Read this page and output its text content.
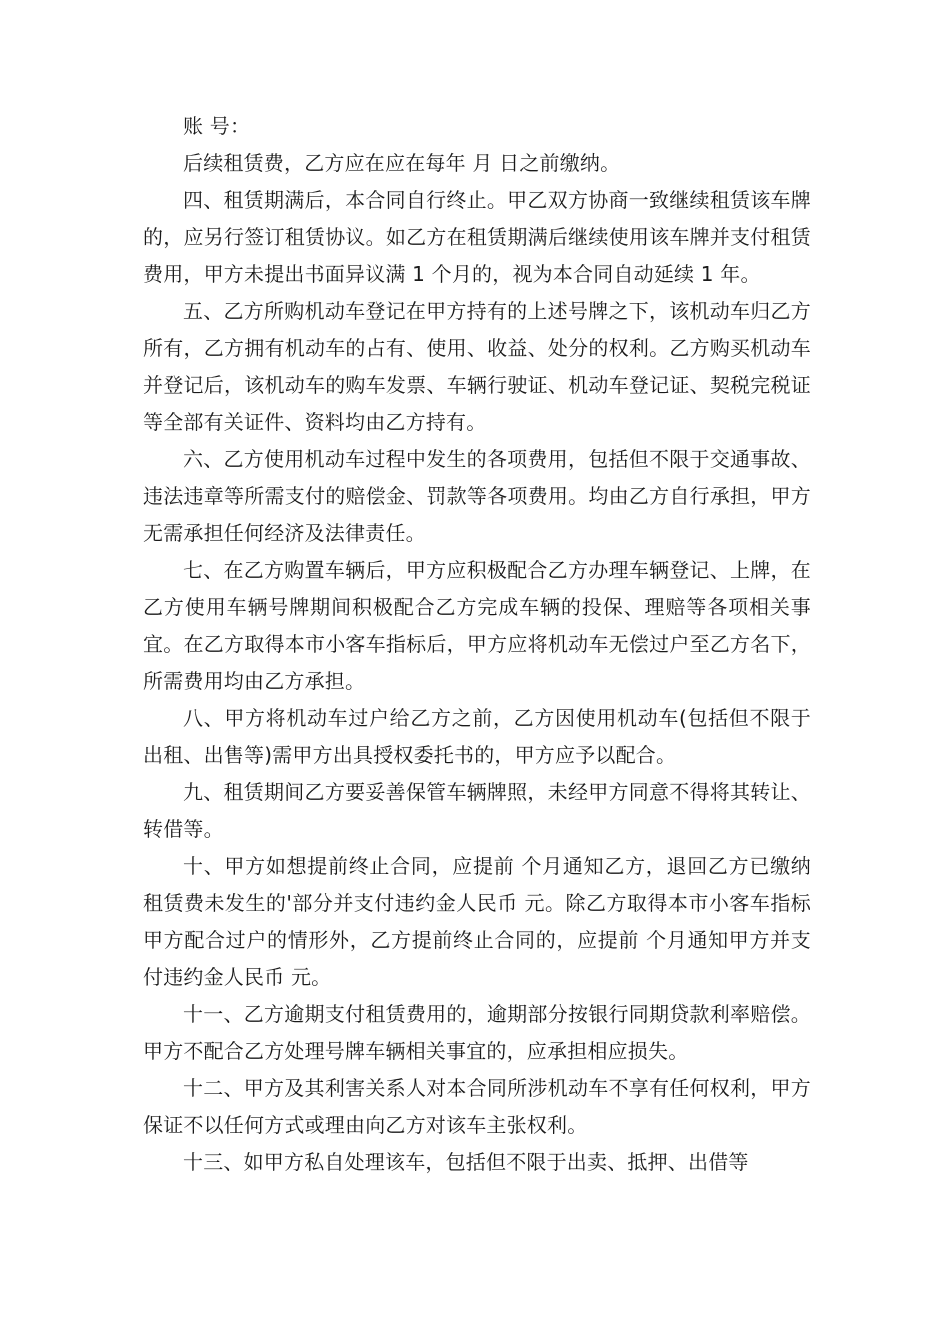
账 号：

后续租赁费，乙方应在应在每年 月 日之前缴纳。

四、租赁期满后，本合同自行终止。甲乙双方协商一致继续租赁该车牌的，应另行签订租赁协议。如乙方在租赁期满后继续使用该车牌并支付租赁费用，甲方未提出书面异议满 1 个月的，视为本合同自动延续 1 年。

五、乙方所购机动车登记在甲方持有的上述号牌之下，该机动车归乙方所有，乙方拥有机动车的占有、使用、收益、处分的权利。乙方购买机动车并登记后，该机动车的购车发票、车辆行驶证、机动车登记证、契税完税证等全部有关证件、资料均由乙方持有。

六、乙方使用机动车过程中发生的各项费用，包括但不限于交通事故、违法违章等所需支付的赔偿金、罚款等各项费用。均由乙方自行承担，甲方无需承担任何经济及法律责任。

七、在乙方购置车辆后，甲方应积极配合乙方办理车辆登记、上牌，在乙方使用车辆号牌期间积极配合乙方完成车辆的投保、理赔等各项相关事宜。在乙方取得本市小客车指标后，甲方应将机动车无偿过户至乙方名下，所需费用均由乙方承担。

八、甲方将机动车过户给乙方之前，乙方因使用机动车(包括但不限于出租、出售等)需甲方出具授权委托书的，甲方应予以配合。

九、租赁期间乙方要妥善保管车辆牌照，未经甲方同意不得将其转让、转借等。

十、甲方如想提前终止合同，应提前 个月通知乙方，退回乙方已缴纳租赁费未发生的'部分并支付违约金人民币 元。除乙方取得本市小客车指标甲方配合过户的情形外，乙方提前终止合同的，应提前 个月通知甲方并支付违约金人民币 元。

十一、乙方逾期支付租赁费用的，逾期部分按银行同期贷款利率赔偿。甲方不配合乙方处理号牌车辆相关事宜的，应承担相应损失。

十二、甲方及其利害关系人对本合同所涉机动车不享有任何权利，甲方保证不以任何方式或理由向乙方对该车主张权利。

十三、如甲方私自处理该车，包括但不限于出卖、抵押、出借等
